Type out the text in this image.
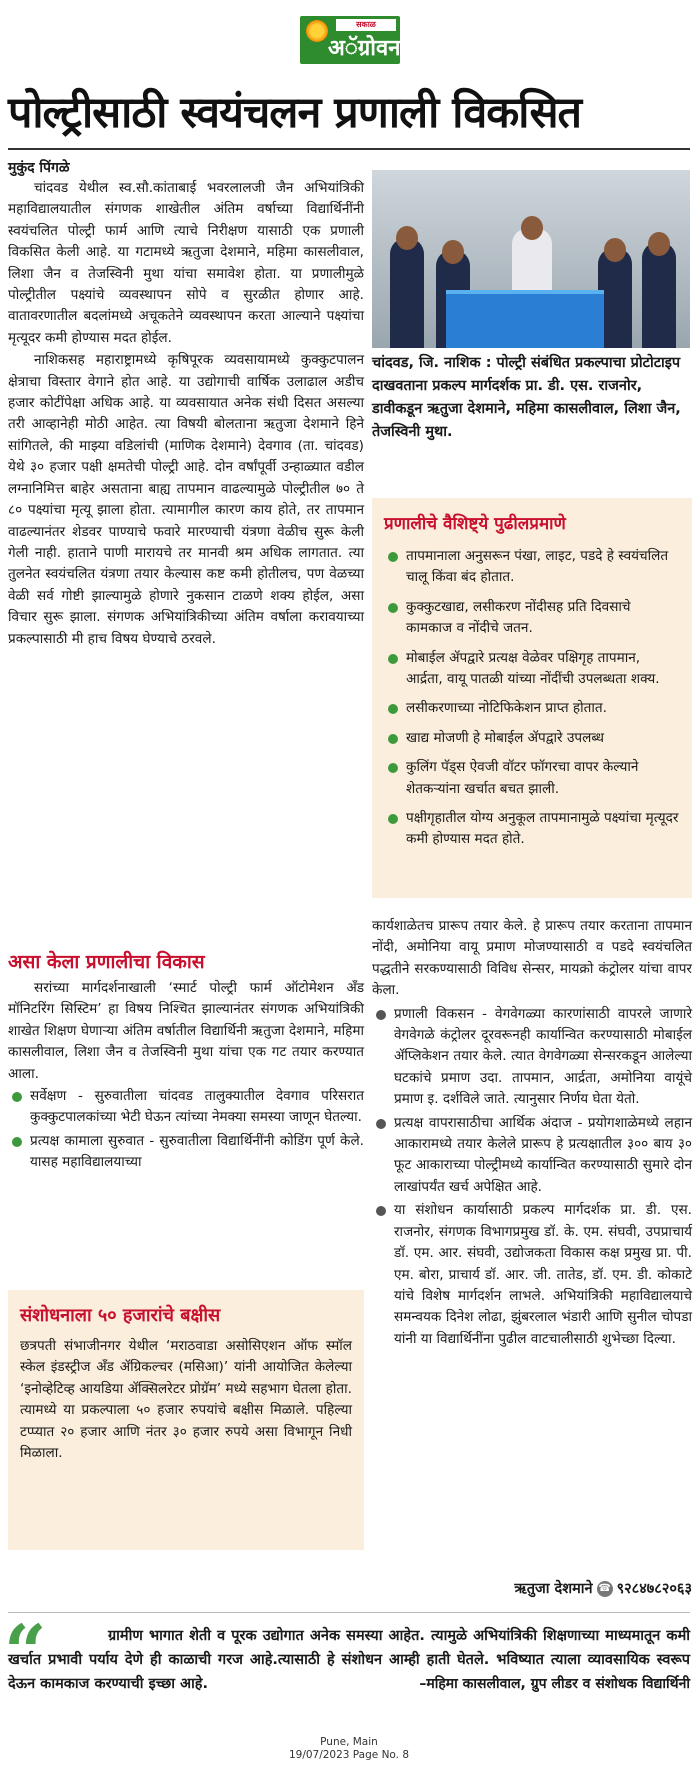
सकाळ
अॅग्रोवन
पोल्ट्रीसाठी स्वयंचलन प्रणाली विकसित
मुकुंद पिंगळे

चांदवड येथील स्व.सौ.कांताबाई भवरलालजी जैन अभियांत्रिकी महाविद्यालयातील संगणक शाखेतील अंतिम वर्षाच्या विद्यार्थिनींनी स्वयंचलित पोल्ट्री फार्म आणि त्याचे निरीक्षण यासाठी एक प्रणाली विकसित केली आहे. या गटामध्ये ऋतुजा देशमाने, महिमा कासलीवाल, लिशा जैन व तेजस्विनी मुथा यांचा समावेश होता. या प्रणालीमुळे पोल्ट्रीतील पक्ष्यांचे व्यवस्थापन सोपे व सुरळीत होणार आहे. वातावरणातील बदलांमध्ये अचूकतेने व्यवस्थापन करता आल्याने पक्ष्यांचा मृत्यूदर कमी होण्यास मदत होईल.

नाशिकसह महाराष्ट्रामध्ये कृषिपूरक व्यवसायामध्ये कुक्कुटपालन क्षेत्राचा विस्तार वेगाने होत आहे. या उद्योगाची वार्षिक उलाढाल अडीच हजार कोटींपेक्षा अधिक आहे. या व्यवसायात अनेक संधी दिसत असल्या तरी आव्हानेही मोठी आहेत. त्या विषयी बोलताना ऋतुजा देशमाने हिने सांगितले, की माझ्या वडिलांची (माणिक देशमाने) देवगाव (ता. चांदवड) येथे ३० हजार पक्षी क्षमतेची पोल्ट्री आहे. दोन वर्षांपूर्वी उन्हाळ्यात वडील लग्नानिमित्त बाहेर असताना बाह्य तापमान वाढल्यामुळे पोल्ट्रीतील ७० ते ८० पक्ष्यांचा मृत्यू झाला होता. त्यामागील कारण काय होते, तर तापमान वाढल्यानंतर शेडवर पाण्याचे फवारे मारण्याची यंत्रणा वेळीच सुरू केली गेली नाही. हाताने पाणी मारायचे तर मानवी श्रम अधिक लागतात. त्या तुलनेत स्वयंचलित यंत्रणा तयार केल्यास कष्ट कमी होतीलच, पण वेळच्या वेळी सर्व गोष्टी झाल्यामुळे होणारे नुकसान टाळणे शक्य होईल, असा विचार सुरू झाला. संगणक अभियांत्रिकीच्या अंतिम वर्षाला करावयाच्या प्रकल्पासाठी मी हाच विषय घेण्याचे ठरवले.

चांदवड, जि. नाशिक : पोल्ट्री संबंधित प्रकल्पाचा प्रोटोटाइप दाखवताना प्रकल्प मार्गदर्शक प्रा. डी. एस. राजनोर, डावीकडून ऋतुजा देशमाने, महिमा कासलीवाल, लिशा जैन, तेजस्विनी मुथा.
प्रणालीचे वैशिष्ट्ये पुढीलप्रमाणे
तापमानाला अनुसरून पंखा, लाइट, पडदे हे स्वयंचलित चालू किंवा बंद होतात.
कुक्कुटखाद्य, लसीकरण नोंदीसह प्रति दिवसाचे कामकाज व नोंदीचे जतन.
मोबाईल ॲपद्वारे प्रत्यक्ष वेळेवर पक्षिगृह तापमान, आर्द्रता, वायू पातळी यांच्या नोंदींची उपलब्धता शक्य.
लसीकरणाच्या नोटिफिकेशन प्राप्त होतात.
खाद्य मोजणी हे मोबाईल ॲपद्वारे उपलब्ध
कुलिंग पॅड्स ऐवजी वॉटर फॉगरचा वापर केल्याने शेतकऱ्यांना खर्चात बचत झाली.
पक्षीगृहातील योग्य अनुकूल तापमानामुळे पक्ष्यांचा मृत्यूदर कमी होण्यास मदत होते.
असा केला प्रणालीचा विकास

सरांच्या मार्गदर्शनाखाली ‘स्मार्ट पोल्ट्री फार्म ऑटोमेशन अँड मॉनिटरिंग सिस्टिम’ हा विषय निश्चित झाल्यानंतर संगणक अभियांत्रिकी शाखेत शिक्षण घेणाऱ्या अंतिम वर्षातील विद्यार्थिनी ऋतुजा देशमाने, महिमा कासलीवाल, लिशा जैन व तेजस्विनी मुथा यांचा एक गट तयार करण्यात आला.

सर्वेक्षण - सुरुवातीला चांदवड तालुक्यातील देवगाव परिसरात कुक्कुटपालकांच्या भेटी घेऊन त्यांच्या नेमक्या समस्या जाणून घेतल्या.
प्रत्यक्ष कामाला सुरुवात - सुरुवातीला विद्यार्थिनींनी कोडिंग पूर्ण केले. यासह महाविद्यालयाच्या
संशोधनाला ५० हजारांचे बक्षीस

छत्रपती संभाजीनगर येथील ‘मराठवाडा असोसिएशन ऑफ स्मॉल स्केल इंडस्ट्रीज अँड ॲग्रिकल्चर (मसिआ)’ यांनी आयोजित केलेल्या ‘इनोव्हेटिव्ह आयडिया ॲक्सिलरेटर प्रोग्रॅम’ मध्ये सहभाग घेतला होता. त्यामध्ये या प्रकल्पाला ५० हजार रुपयांचे बक्षीस मिळाले. पहिल्या टप्प्यात २० हजार आणि नंतर ३० हजार रुपये असा विभागून निधी मिळाला.

कार्यशाळेतच प्रारूप तयार केले. हे प्रारूप तयार करताना तापमान नोंदी, अमोनिया वायू प्रमाण मोजण्यासाठी व पडदे स्वयंचलित पद्धतीने सरकण्यासाठी विविध सेन्सर, मायक्रो कंट्रोलर यांचा वापर केला.

प्रणाली विकसन - वेगवेगळ्या कारणांसाठी वापरले जाणारे वेगवेगळे कंट्रोलर दूरवरूनही कार्यान्वित करण्यासाठी मोबाईल ॲप्लिकेशन तयार केले. त्यात वेगवेगळ्या सेन्सरकडून आलेल्या घटकांचे प्रमाण उदा. तापमान, आर्द्रता, अमोनिया वायूंचे प्रमाण इ. दर्शविले जाते. त्यानुसार निर्णय घेता येतो.
प्रत्यक्ष वापरासाठीचा आर्थिक अंदाज - प्रयोगशाळेमध्ये लहान आकारामध्ये तयार केलेले प्रारूप हे प्रत्यक्षातील ३०० बाय ३० फूट आकाराच्या पोल्ट्रीमध्ये कार्यान्वित करण्यासाठी सुमारे दोन लाखांपर्यंत खर्च अपेक्षित आहे.
या संशोधन कार्यासाठी प्रकल्प मार्गदर्शक प्रा. डी. एस. राजनोर, संगणक विभागप्रमुख डॉ. के. एम. संघवी, उपप्राचार्य डॉ. एम. आर. संघवी, उद्योजकता विकास कक्ष प्रमुख प्रा. पी. एम. बोरा, प्राचार्य डॉ. आर. जी. तातेड, डॉ. एम. डी. कोकाटे यांचे विशेष मार्गदर्शन लाभले. अभियांत्रिकी महाविद्यालयाचे समन्वयक दिनेश लोढा, झुंबरलाल भंडारी आणि सुनील चोपडा यांनी या विद्यार्थिनींना पुढील वाटचालीसाठी शुभेच्छा दिल्या.
ऋतुजा देशमाने ☎ ९२८४७८२०६३
“	ग्रामीण भागात शेती व पूरक उद्योगात अनेक समस्या आहेत. त्यामुळे अभियांत्रिकी शिक्षणाच्या माध्यमातून कमी खर्चात प्रभावी पर्याय देणे ही काळाची गरज आहे.त्यासाठी हे संशोधन आम्ही हाती घेतले. भविष्यात त्याला व्यावसायिक स्वरूप देऊन कामकाज करण्याची इच्छा आहे.	–महिमा कासलीवाल, ग्रुप लीडर व संशोधक विद्यार्थिनी
Pune, Main
19/07/2023 Page No. 8
